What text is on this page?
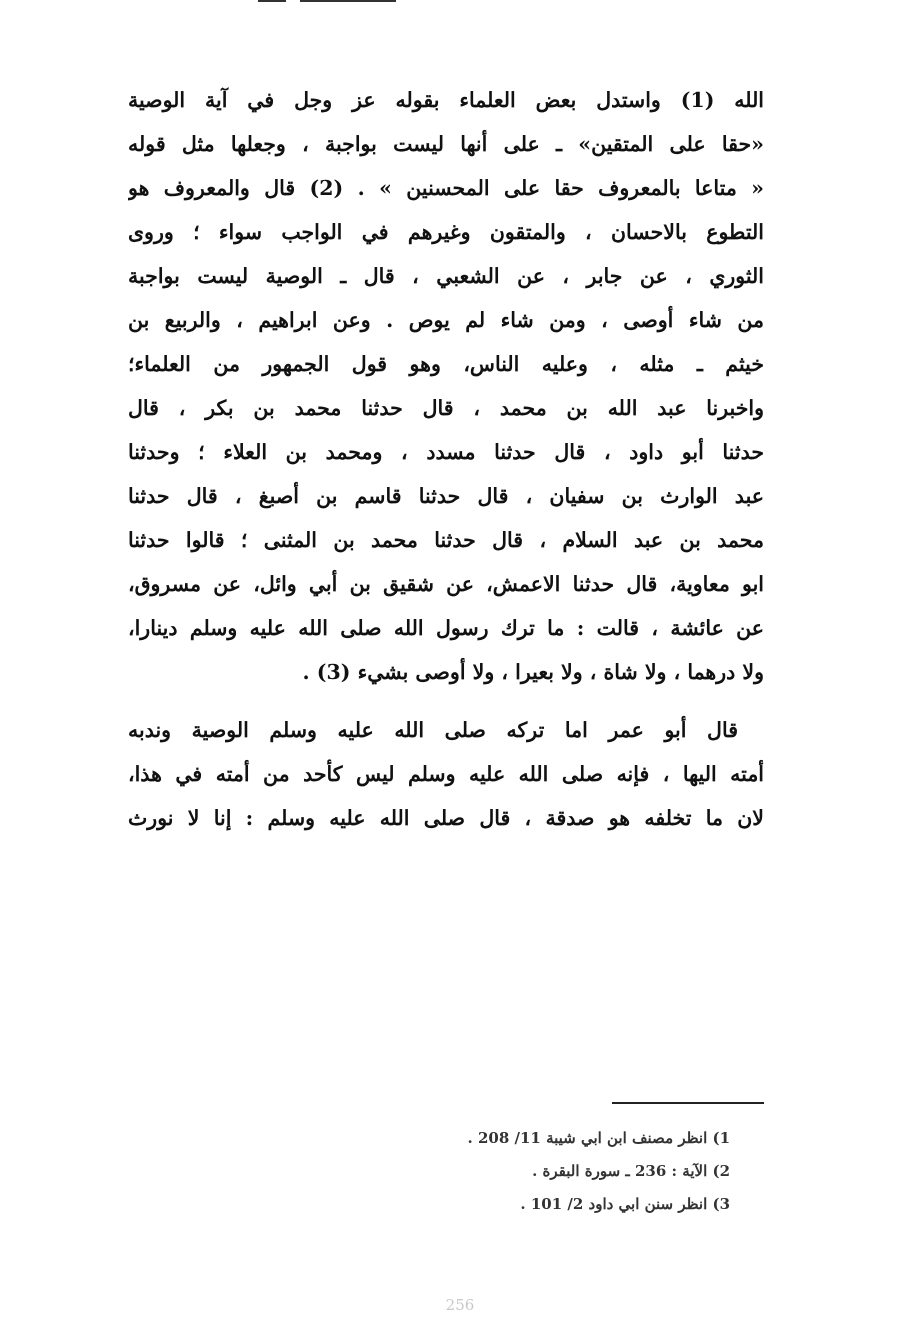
الله (1) واستدل بعض العلماء بقوله عز وجل في آية الوصية
«حقا على المتقين» ـ على أنها ليست بواجبة ، وجعلها مثل قوله
« متاعا بالمعروف حقا على المحسنين » . (2) قال والمعروف هو
التطوع بالاحسان ، والمتقون وغيرهم في الواجب سواء ؛ وروى
الثوري ، عن جابر ، عن الشعبي ، قال ـ الوصية ليست بواجبة
من شاء أوصى ، ومن شاء لم يوص . وعن ابراهيم ، والربيع بن
خيثم ـ مثله ، وعليه الناس، وهو قول الجمهور من العلماء؛
واخبرنا عبد الله بن محمد ، قال حدثنا محمد بن بكر ، قال
حدثنا أبو داود ، قال حدثنا مسدد ، ومحمد بن العلاء ؛ وحدثنا
عبد الوارث بن سفيان ، قال حدثنا قاسم بن أصبغ ، قال حدثنا
محمد بن عبد السلام ، قال حدثنا محمد بن المثنى ؛ قالوا حدثنا
ابو معاوية، قال حدثنا الاعمش، عن شقيق بن أبي وائل، عن مسروق،
عن عائشة ، قالت : ما ترك رسول الله صلى الله عليه وسلم دينارا،
ولا درهما ، ولا شاة ، ولا بعيرا ، ولا أوصى بشيء (3) .
قال أبو عمر اما تركه صلى الله عليه وسلم الوصية وندبه
أمته اليها ، فإنه صلى الله عليه وسلم ليس كأحد من أمته في هذا،
لان ما تخلفه هو صدقة ، قال صلى الله عليه وسلم : إنا لا نورث
1) انظر مصنف ابن ابي شيبة 11/ 208 .
2) الآية : 236 ـ سورة البقرة .
3) انظر سنن ابي داود 2/ 101 .
256
